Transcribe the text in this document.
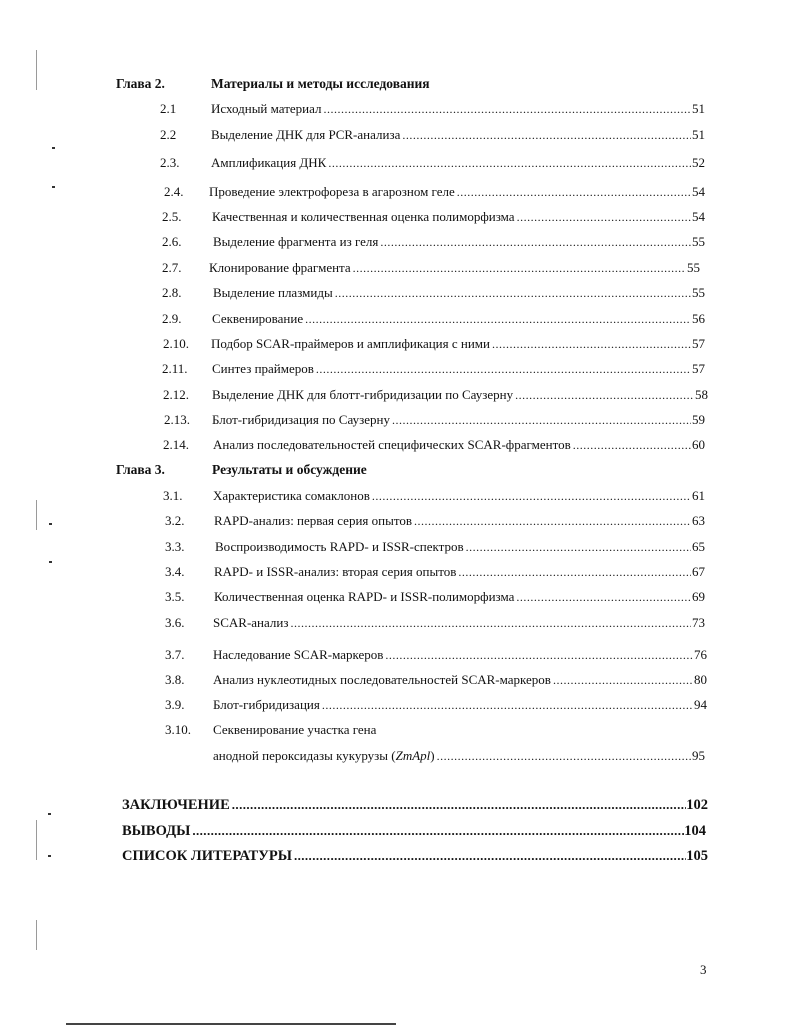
Глава 2.	Материалы и методы исследования
2.1	Исходный материал .....	51
2.2	Выделение ДНК для PCR-анализа .....	51
2.3. Амплификация ДНК .....	52
2.4. Проведение электрофореза в агарозном геле .....	54
2.5. Качественная и количественная оценка полиморфизма .....	54
2.6. Выделение фрагмента из геля .....	55
2.7. Клонирование фрагмента .....	55
2.8. Выделение плазмиды .....	55
2.9. Секвенирование .....	56
2.10. Подбор SCAR-праймеров и амплификация с ними .....	57
2.11. Синтез праймеров .....	57
2.12. Выделение ДНК для блотт-гибридизации по Саузерну .....	58
2.13. Блот-гибридизация по Саузерну .....	59
2.14. Анализ последовательностей специфических SCAR-фрагментов .....	60
Глава 3.	Результаты и обсуждение
3.1. Характеристика сомаклонов .....	61
3.2. RAPD-анализ: первая серия опытов .....	63
3.3. Воспроизводимость RAPD- и ISSR-спектров .....	65
3.4. RAPD- и ISSR-анализ: вторая серия опытов .....	67
3.5. Количественная оценка RAPD- и ISSR-полиморфизма .....	69
3.6. SCAR-анализ .....	73
3.7. Наследование SCAR-маркеров .....	76
3.8. Анализ нуклеотидных последовательностей SCAR-маркеров .....	80
3.9. Блот-гибридизация .....	94
3.10. Секвенирование участка гена
анодной пероксидазы кукурузы (ZmApl) .....	95
ЗАКЛЮЧЕНИЕ .....	102
ВЫВОДЫ .....	104
СПИСОК ЛИТЕРАТУРЫ .....	105
3
